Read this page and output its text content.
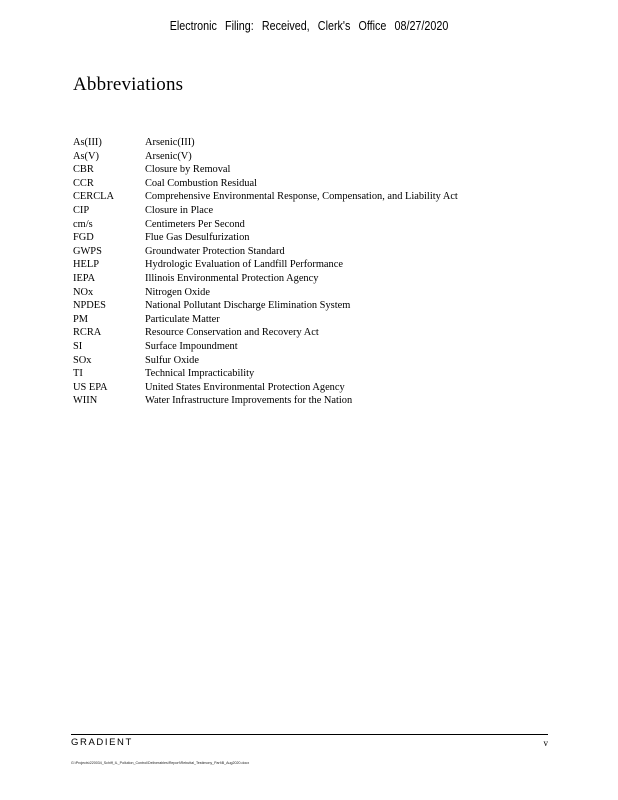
Electronic Filing: Received, Clerk's Office 08/27/2020
Abbreviations
As(III)	Arsenic(III)
As(V)	Arsenic(V)
CBR	Closure by Removal
CCR	Coal Combustion Residual
CERCLA	Comprehensive Environmental Response, Compensation, and Liability Act
CIP	Closure in Place
cm/s	Centimeters Per Second
FGD	Flue Gas Desulfurization
GWPS	Groundwater Protection Standard
HELP	Hydrologic Evaluation of Landfill Performance
IEPA	Illinois Environmental Protection Agency
NOx	Nitrogen Oxide
NPDES	National Pollutant Discharge Elimination System
PM	Particulate Matter
RCRA	Resource Conservation and Recovery Act
SI	Surface Impoundment
SOx	Sulfur Oxide
TI	Technical Impracticability
US EPA	United States Environmental Protection Agency
WIIN	Water Infrastructure Improvements for the Nation
GRADIENT	v
G:\Projects\220034_Schiff_IL_Pollution_Control\Deliverables\Report\Rebuttal_Testimony_Part\B_Aug2020.docx
